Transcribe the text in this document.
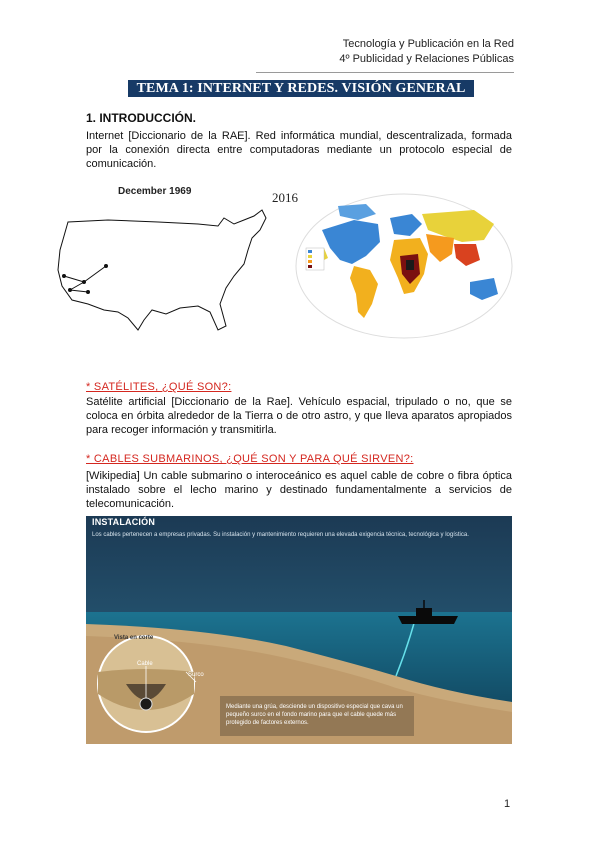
Tecnología y Publicación en la Red
4º Publicidad y Relaciones Públicas
TEMA 1: INTERNET Y REDES. VISIÓN GENERAL
1. INTRODUCCIÓN.

Internet [Diccionario de la RAE]. Red informática mundial, descentralizada, formada por la conexión directa entre computadoras mediante un protocolo especial de comunicación.

December 1969	2016
* SATÉLITES, ¿QUÉ SON?:

Satélite artificial [Diccionario de la Rae]. Vehículo espacial, tripulado o no, que se coloca en órbita alrededor de la Tierra o de otro astro, y que lleva aparatos apropiados para recoger información y transmitirla.

* CABLES SUBMARINOS, ¿QUÉ SON Y PARA QUÉ SIRVEN?:

[Wikipedia] Un cable submarino o interoceánico es aquel cable de cobre o fibra óptica instalado sobre el lecho marino y destinado fundamentalmente a servicios de telecomunicación.

INSTALACIÓN
Los cables pertenecen a empresas privadas. Su instalación y mantenimiento requieren una elevada exigencia técnica, tecnológica y logística.
Vista en corte
Cable
Surco
Mediante una grúa, desciende un dispositivo especial que cava un pequeño surco en el fondo marino para que el cable quede más protegido de factores externos.
1
